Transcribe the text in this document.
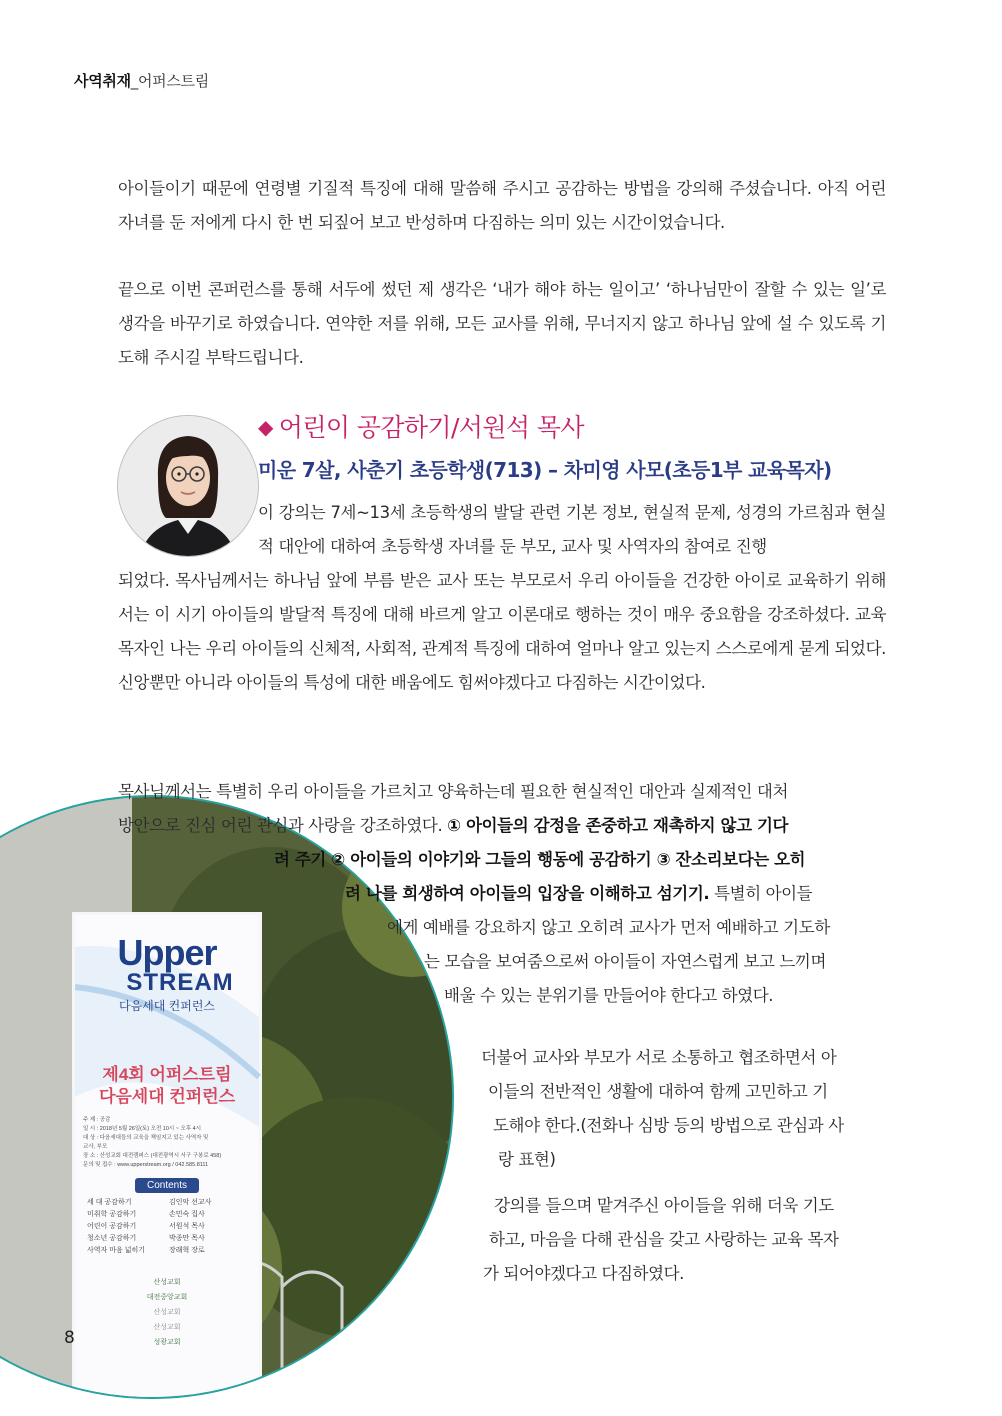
사역취재_어퍼스트림

아이들이기 때문에 연령별 기질적 특징에 대해 말씀해 주시고 공감하는 방법을 강의해 주셨습니다. 아직 어린 자녀를 둔 저에게 다시 한 번 되짚어 보고 반성하며 다짐하는 의미 있는 시간이었습니다.

끝으로 이번 콘퍼런스를 통해 서두에 썼던 제 생각은 ‘내가 해야 하는 일이고’ ‘하나님만이 잘할 수 있는 일’로 생각을 바꾸기로 하였습니다. 연약한 저를 위해, 모든 교사를 위해, 무너지지 않고 하나님 앞에 설 수 있도록 기도해 주시길 부탁드립니다.

◆ 어린이 공감하기/서원석 목사
미운 7살, 사춘기 초등학생(713) – 차미영 사모(초등1부 교육목자)

이 강의는 7세~13세 초등학생의 발달 관련 기본 정보, 현실적 문제, 성경의 가르침과 현실적 대안에 대하여 초등학생 자녀를 둔 부모, 교사 및 사역자의 참여로 진행

되었다. 목사님께서는 하나님 앞에 부름 받은 교사 또는 부모로서 우리 아이들을 건강한 아이로 교육하기 위해서는 이 시기 아이들의 발달적 특징에 대해 바르게 알고 이론대로 행하는 것이 매우 중요함을 강조하셨다. 교육 목자인 나는 우리 아이들의 신체적, 사회적, 관계적 특징에 대하여 얼마나 알고 있는지 스스로에게 묻게 되었다. 신앙뿐만 아니라 아이들의 특성에 대한 배움에도 힘써야겠다고 다짐하는 시간이었다.

Upper
STREAM
다음세대 컨퍼런스
제4회 어퍼스트림
다음세대 컨퍼런스
주 제 : 공감
일 시 : 2018년 5월 26일(토) 오전 10시 ~ 오후 4시
대 상 : 다음세대들의 교육을 책임지고 있는 사역자 및
교사, 부모
장 소 : 산성교회 대전캠퍼스 (대전광역시 서구 구봉로 458)
문의 및 접수 : www.upperstream.org / 042.585.8111
Contents
세 대 공감하기	김인악 선교사
미취학 공감하기	손민숙 집사
어린이 공감하기	서원석 목사
청소년 공감하기	박종만 목사
사역자 마음 넓히기	장래혁 장로
산성교회
대전중앙교회
산성교회
산성교회
성광교회

목사님께서는 특별히 우리 아이들을 가르치고 양육하는데 필요한 현실적인 대안과 실제적인 대처

방안으로 진심 어린 관심과 사랑을 강조하였다. ① 아이들의 감정을 존중하고 재촉하지 않고 기다

려 주기 ② 아이들의 이야기와 그들의 행동에 공감하기 ③ 잔소리보다는 오히

려 나를 희생하여 아이들의 입장을 이해하고 섬기기. 특별히 아이들

에게 예배를 강요하지 않고 오히려 교사가 먼저 예배하고 기도하

는 모습을 보여줌으로써 아이들이 자연스럽게 보고 느끼며

배울 수 있는 분위기를 만들어야 한다고 하였다.

더불어 교사와 부모가 서로 소통하고 협조하면서 아

이들의 전반적인 생활에 대하여 함께 고민하고 기

도해야 한다.(전화나 심방 등의 방법으로 관심과 사

랑 표현)

강의를 들으며 맡겨주신 아이들을 위해 더욱 기도

하고, 마음을 다해 관심을 갖고 사랑하는 교육 목자

가 되어야겠다고 다짐하였다.

8
